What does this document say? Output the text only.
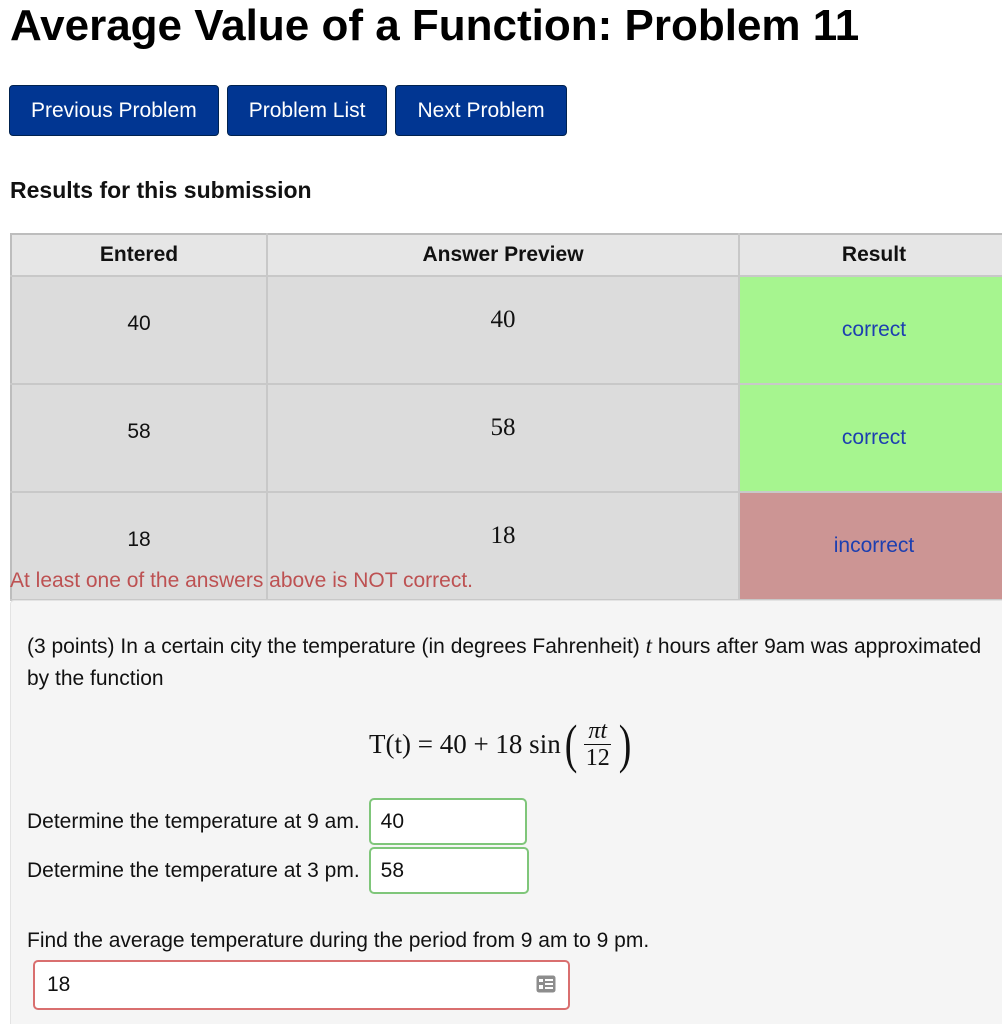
Average Value of a Function: Problem 11
Previous Problem	Problem List	Next Problem
Results for this submission
Entered	Answer Preview	Result
40	40	correct
58	58	correct
18	18	incorrect
At least one of the answers above is NOT correct.

(3 points) In a certain city the temperature (in degrees Fahrenheit) t hours after 9am was approximated by the function

T(t) = 40 + 18 sin ( $\frac{\pi t}{12}$ )
Determine the temperature at 9 am.
40
Determine the temperature at 3 pm.
58
Find the average temperature during the period from 9 am to 9 pm.
18
